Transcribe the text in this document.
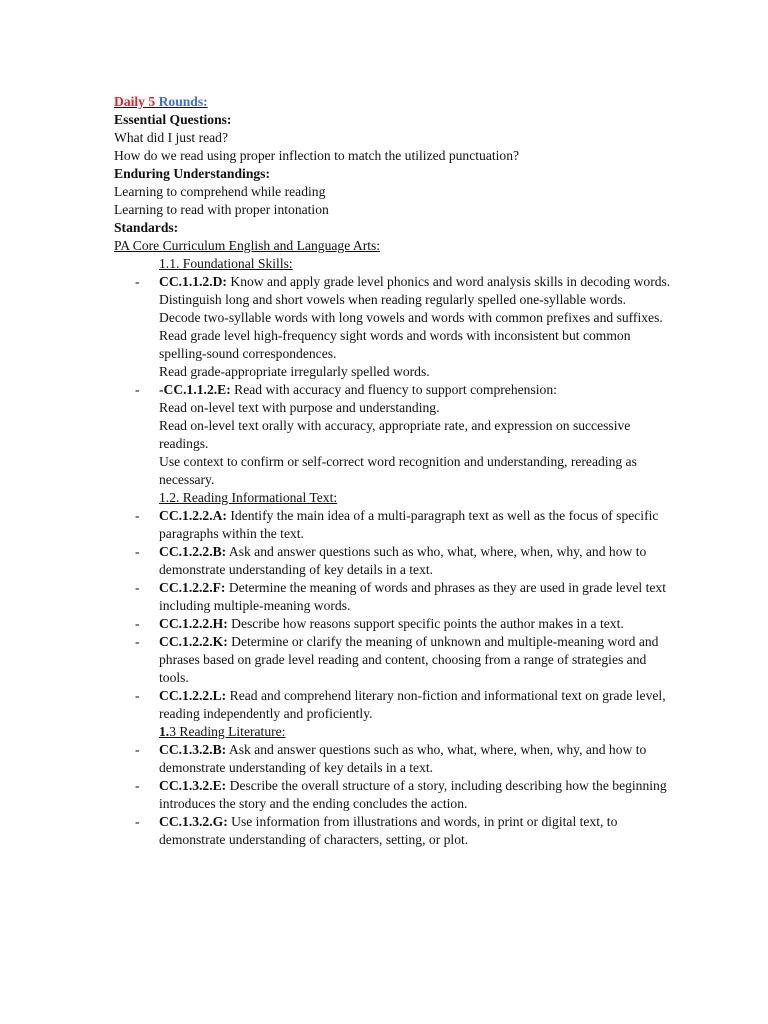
Daily 5 Rounds:
Essential Questions:
What did I just read?
How do we read using proper inflection to match the utilized punctuation?
Enduring Understandings:
Learning to comprehend while reading
Learning to read with proper intonation
Standards:
PA Core Curriculum English and Language Arts:
1.1. Foundational Skills:
- CC.1.1.2.D: Know and apply grade level phonics and word analysis skills in decoding words.
Distinguish long and short vowels when reading regularly spelled one-syllable words.
Decode two-syllable words with long vowels and words with common prefixes and suffixes.
Read grade level high-frequency sight words and words with inconsistent but common spelling-sound correspondences.
Read grade-appropriate irregularly spelled words.
- -CC.1.1.2.E: Read with accuracy and fluency to support comprehension:
Read on-level text with purpose and understanding.
Read on-level text orally with accuracy, appropriate rate, and expression on successive readings.
Use context to confirm or self-correct word recognition and understanding, rereading as necessary.
1.2. Reading Informational Text:
- CC.1.2.2.A: Identify the main idea of a multi-paragraph text as well as the focus of specific paragraphs within the text.
- CC.1.2.2.B: Ask and answer questions such as who, what, where, when, why, and how to demonstrate understanding of key details in a text.
- CC.1.2.2.F: Determine the meaning of words and phrases as they are used in grade level text including multiple-meaning words.
- CC.1.2.2.H: Describe how reasons support specific points the author makes in a text.
- CC.1.2.2.K: Determine or clarify the meaning of unknown and multiple-meaning word and phrases based on grade level reading and content, choosing from a range of strategies and tools.
- CC.1.2.2.L: Read and comprehend literary non-fiction and informational text on grade level, reading independently and proficiently.
1.3 Reading Literature:
- CC.1.3.2.B: Ask and answer questions such as who, what, where, when, why, and how to demonstrate understanding of key details in a text.
- CC.1.3.2.E: Describe the overall structure of a story, including describing how the beginning introduces the story and the ending concludes the action.
- CC.1.3.2.G: Use information from illustrations and words, in print or digital text, to demonstrate understanding of characters, setting, or plot.
